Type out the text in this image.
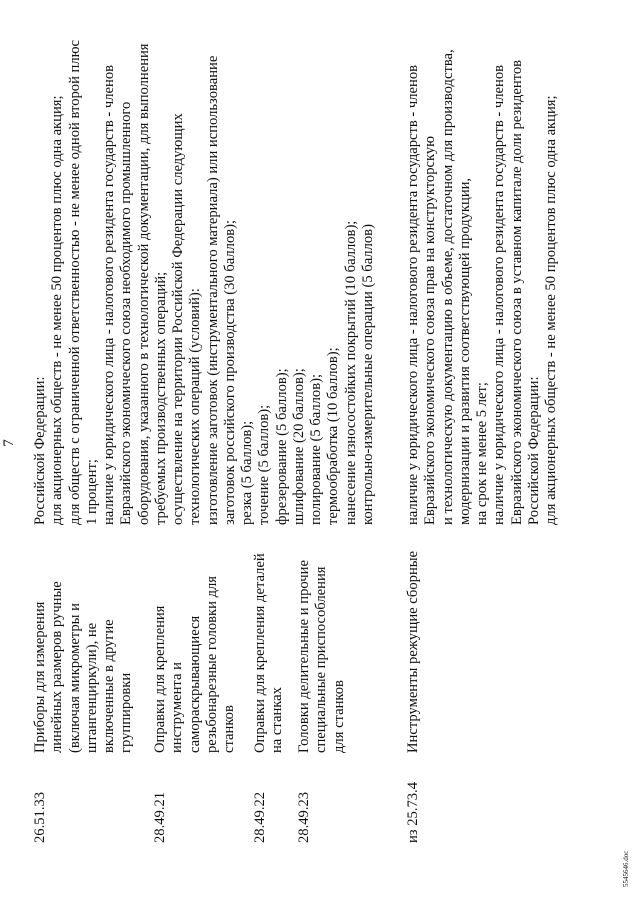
7
26.51.33
Приборы для измерения линейных размеров ручные (включая микрометры и штангенциркули), не включенные в другие группировки
Российской Федерации: для акционерных обществ - не менее 50 процентов плюс одна акция; для обществ с ограниченной ответственностью - не менее одной второй плюс 1 процент; наличие у юридического лица - налогового резидента государств - членов Евразийского экономического союза необходимого промышленного оборудования, указанного в технологической документации, для выполнения требуемых производственных операций; осуществление на территории Российской Федерации следующих технологических операций (условий): изготовление заготовок (инструментального материала) или использование заготовок российского производства (30 баллов); резка (5 баллов); точение (5 баллов); фрезерование (5 баллов); шлифование (20 баллов); полирование (5 баллов); термообработка (10 баллов); нанесение износостойких покрытий (10 баллов); контрольно-измерительные операции (5 баллов)
28.49.21
Оправки для крепления инструмента и самораскрывающиеся резьбонарезные головки для станков
28.49.22
Оправки для крепления деталей на станках
28.49.23
Головки делительные и прочие специальные приспособления для станков
из 25.73.4
Инструменты режущие сборные
наличие у юридического лица - налогового резидента государств - членов Евразийского экономического союза прав на конструкторскую и технологическую документацию в объеме, достаточном для производства, модернизации и развития соответствующей продукции, на срок не менее 5 лет; наличие у юридического лица - налогового резидента государств - членов Евразийского экономического союза в уставном капитале доли резидентов Российской Федерации: для акционерных обществ - не менее 50 процентов плюс одна акция;
5545646.doc
